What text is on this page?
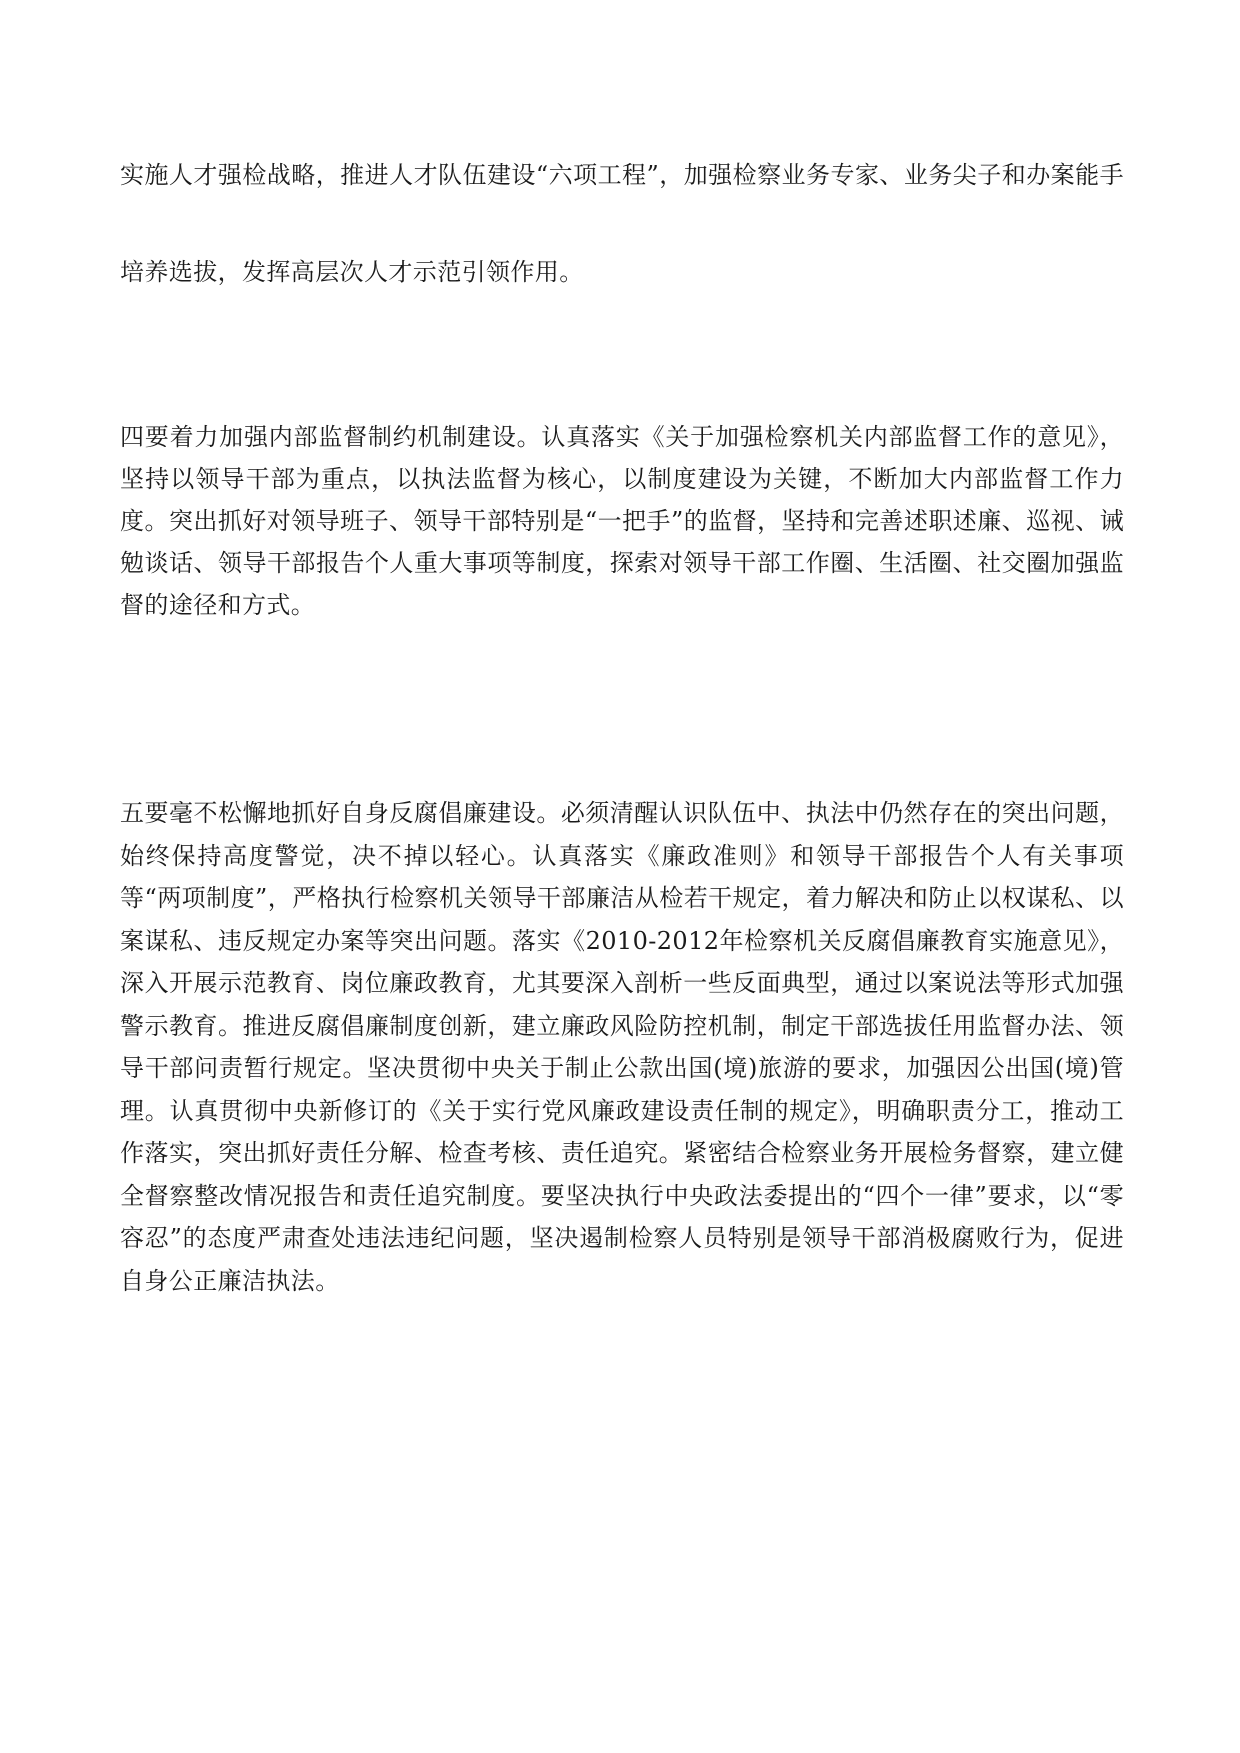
实施人才强检战略，推进人才队伍建设“六项工程”，加强检察业务专家、业务尖子和办案能手培养选拔，发挥高层次人才示范引领作用。

四要着力加强内部监督制约机制建设。认真落实《关于加强检察机关内部监督工作的意见》，坚持以领导干部为重点，以执法监督为核心，以制度建设为关键，不断加大内部监督工作力度。突出抓好对领导班子、领导干部特别是“一把手”的监督，坚持和完善述职述廉、巡视、诫勉谈话、领导干部报告个人重大事项等制度，探索对领导干部工作圈、生活圈、社交圈加强监督的途径和方式。

五要毫不松懈地抓好自身反腐倡廉建设。必须清醒认识队伍中、执法中仍然存在的突出问题，始终保持高度警觉，决不掉以轻心。认真落实《廉政准则》和领导干部报告个人有关事项等“两项制度”，严格执行检察机关领导干部廉洁从检若干规定，着力解决和防止以权谋私、以案谋私、违反规定办案等突出问题。落实《2010-2012年检察机关反腐倡廉教育实施意见》，深入开展示范教育、岗位廉政教育，尤其要深入剖析一些反面典型，通过以案说法等形式加强警示教育。推进反腐倡廉制度创新，建立廉政风险防控机制，制定干部选拔任用监督办法、领导干部问责暂行规定。坚决贯彻中央关于制止公款出国(境)旅游的要求，加强因公出国(境)管理。认真贯彻中央新修订的《关于实行党风廉政建设责任制的规定》，明确职责分工，推动工作落实，突出抓好责任分解、检查考核、责任追究。紧密结合检察业务开展检务督察，建立健全督察整改情况报告和责任追究制度。要坚决执行中央政法委提出的“四个一律”要求，以“零容忍”的态度严肃查处违法违纪问题，坚决遏制检察人员特别是领导干部消极腐败行为，促进自身公正廉洁执法。
